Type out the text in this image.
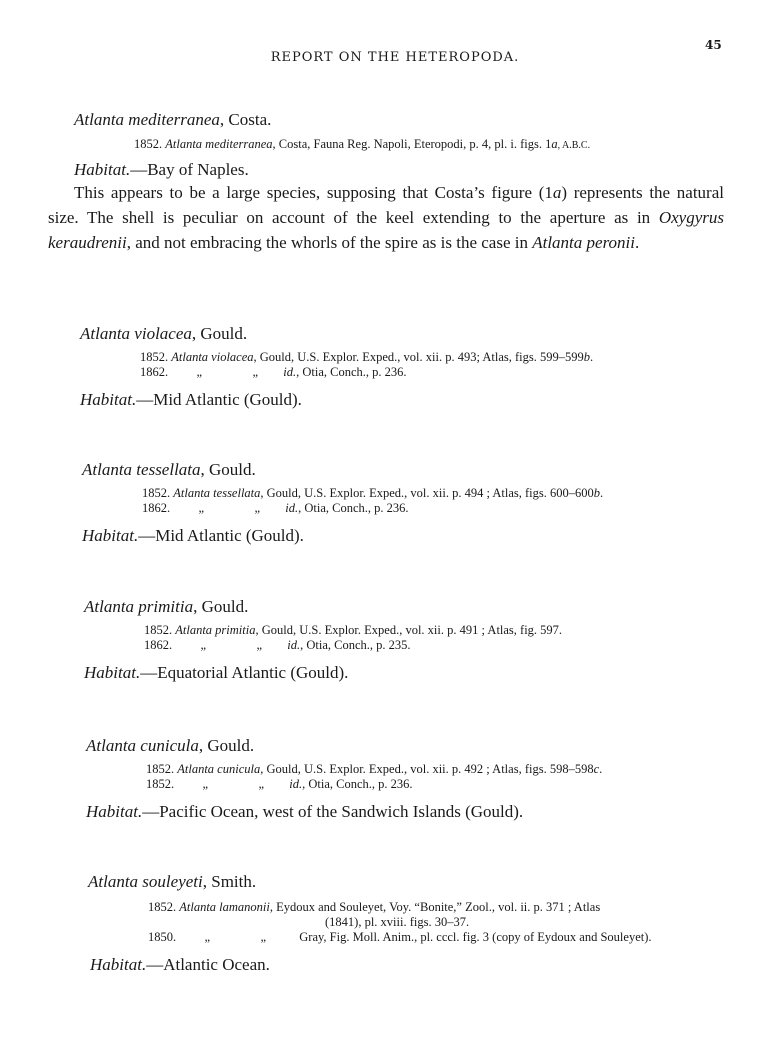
REPORT ON THE HETEROPODA.
45
Atlanta mediterranea, Costa.
1852. Atlanta mediterranea, Costa, Fauna Reg. Napoli, Eteropodi, p. 4, pl. i. figs. 1a, A.B.C.
Habitat.—Bay of Naples.
This appears to be a large species, supposing that Costa’s figure (1a) represents the natural size. The shell is peculiar on account of the keel extending to the aperture as in Oxygyrus keraudrenii, and not embracing the whorls of the spire as is the case in Atlanta peronii.
Atlanta violacea, Gould.
1852. Atlanta violacea, Gould, U.S. Explor. Exped., vol. xii. p. 493; Atlas, figs. 599–599b.
1862. „	„ id., Otia, Conch., p. 236.
Habitat.—Mid Atlantic (Gould).
Atlanta tessellata, Gould.
1852. Atlanta tessellata, Gould, U.S. Explor. Exped., vol. xii. p. 494 ; Atlas, figs. 600–600b.
1862. „	„ id., Otia, Conch., p. 236.
Habitat.—Mid Atlantic (Gould).
Atlanta primitia, Gould.
1852. Atlanta primitia, Gould, U.S. Explor. Exped., vol. xii. p. 491 ; Atlas, fig. 597.
1862. „	„ id., Otia, Conch., p. 235.
Habitat.—Equatorial Atlantic (Gould).
Atlanta cunicula, Gould.
1852. Atlanta cunicula, Gould, U.S. Explor. Exped., vol. xii. p. 492 ; Atlas, figs. 598–598c.
1852. „	„ id., Otia, Conch., p. 236.
Habitat.—Pacific Ocean, west of the Sandwich Islands (Gould).
Atlanta souleyeti, Smith.
1852. Atlanta lamanonii, Eydoux and Souleyet, Voy. “Bonite,” Zool., vol. ii. p. 371 ; Atlas
(1841), pl. xviii. figs. 30–37.
1850. „	„	Gray, Fig. Moll. Anim., pl. cccl. fig. 3 (copy of Eydoux and Souleyet).
Habitat.—Atlantic Ocean.
